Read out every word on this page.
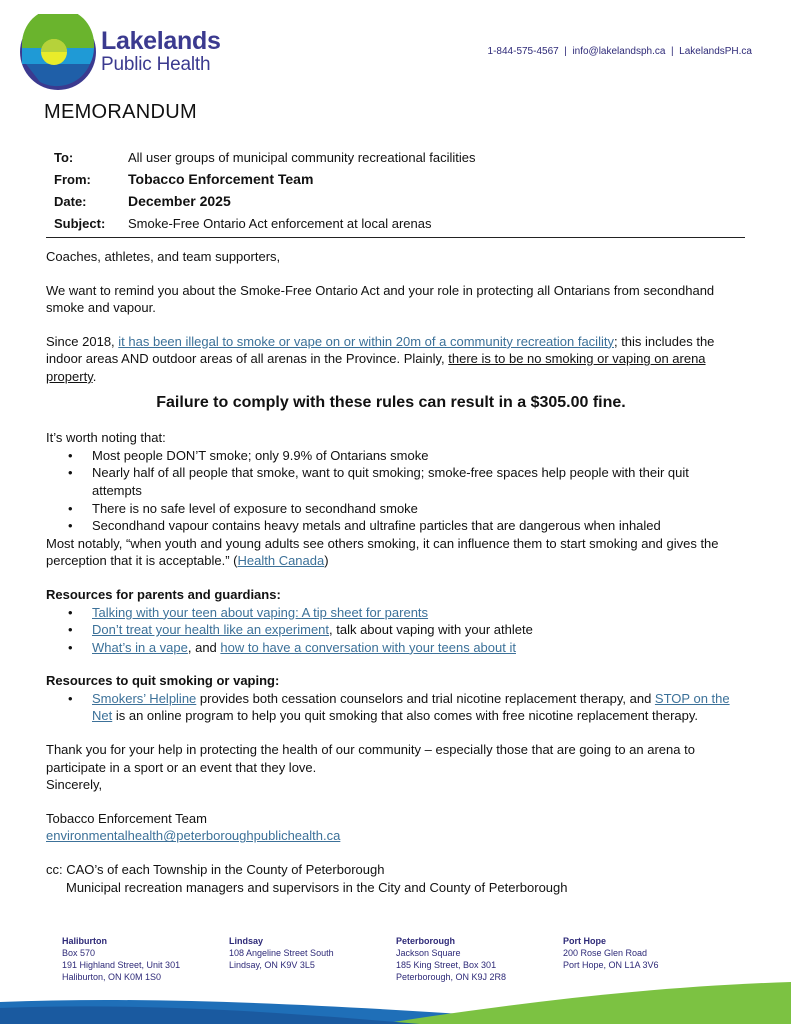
Lakelands
Public Health
1-844-575-4567 | info@lakelandsph.ca | LakelandsPH.ca
MEMORANDUM
To:	All user groups of municipal community recreational facilities
From:	Tobacco Enforcement Team
Date:	December 2025
Subject:	Smoke-Free Ontario Act enforcement at local arenas

Coaches, athletes, and team supporters,

We want to remind you about the Smoke-Free Ontario Act and your role in protecting all Ontarians from secondhand smoke and vapour.

Since 2018, it has been illegal to smoke or vape on or within 20m of a community recreation facility; this includes the indoor areas AND outdoor areas of all arenas in the Province. Plainly, there is to be no smoking or vaping on arena property.

Failure to comply with these rules can result in a $305.00 fine.

It’s worth noting that:

• Most people DON’T smoke; only 9.9% of Ontarians smoke
• Nearly half of all people that smoke, want to quit smoking; smoke-free spaces help people with their quit attempts
• There is no safe level of exposure to secondhand smoke
• Secondhand vapour contains heavy metals and ultrafine particles that are dangerous when inhaled

Most notably, “when youth and young adults see others smoking, it can influence them to start smoking and gives the perception that it is acceptable.” (Health Canada)

Resources for parents and guardians:

• Talking with your teen about vaping: A tip sheet for parents
• Don’t treat your health like an experiment, talk about vaping with your athlete
• What’s in a vape, and how to have a conversation with your teens about it

Resources to quit smoking or vaping:

• Smokers’ Helpline provides both cessation counselors and trial nicotine replacement therapy, and STOP on the Net is an online program to help you quit smoking that also comes with free nicotine replacement therapy.

Thank you for your help in protecting the health of our community – especially those that are going to an arena to participate in a sport or an event that they love.

Sincerely,

Tobacco Enforcement Team

environmentalhealth@peterboroughpublichealth.ca

cc: CAO’s of each Township in the County of Peterborough

Municipal recreation managers and supervisors in the City and County of Peterborough

Haliburton
Box 570
191 Highland Street, Unit 301
Haliburton, ON K0M 1S0
Lindsay
108 Angeline Street South
Lindsay, ON K9V 3L5
Peterborough
Jackson Square
185 King Street, Box 301
Peterborough, ON K9J 2R8
Port Hope
200 Rose Glen Road
Port Hope, ON L1A 3V6
